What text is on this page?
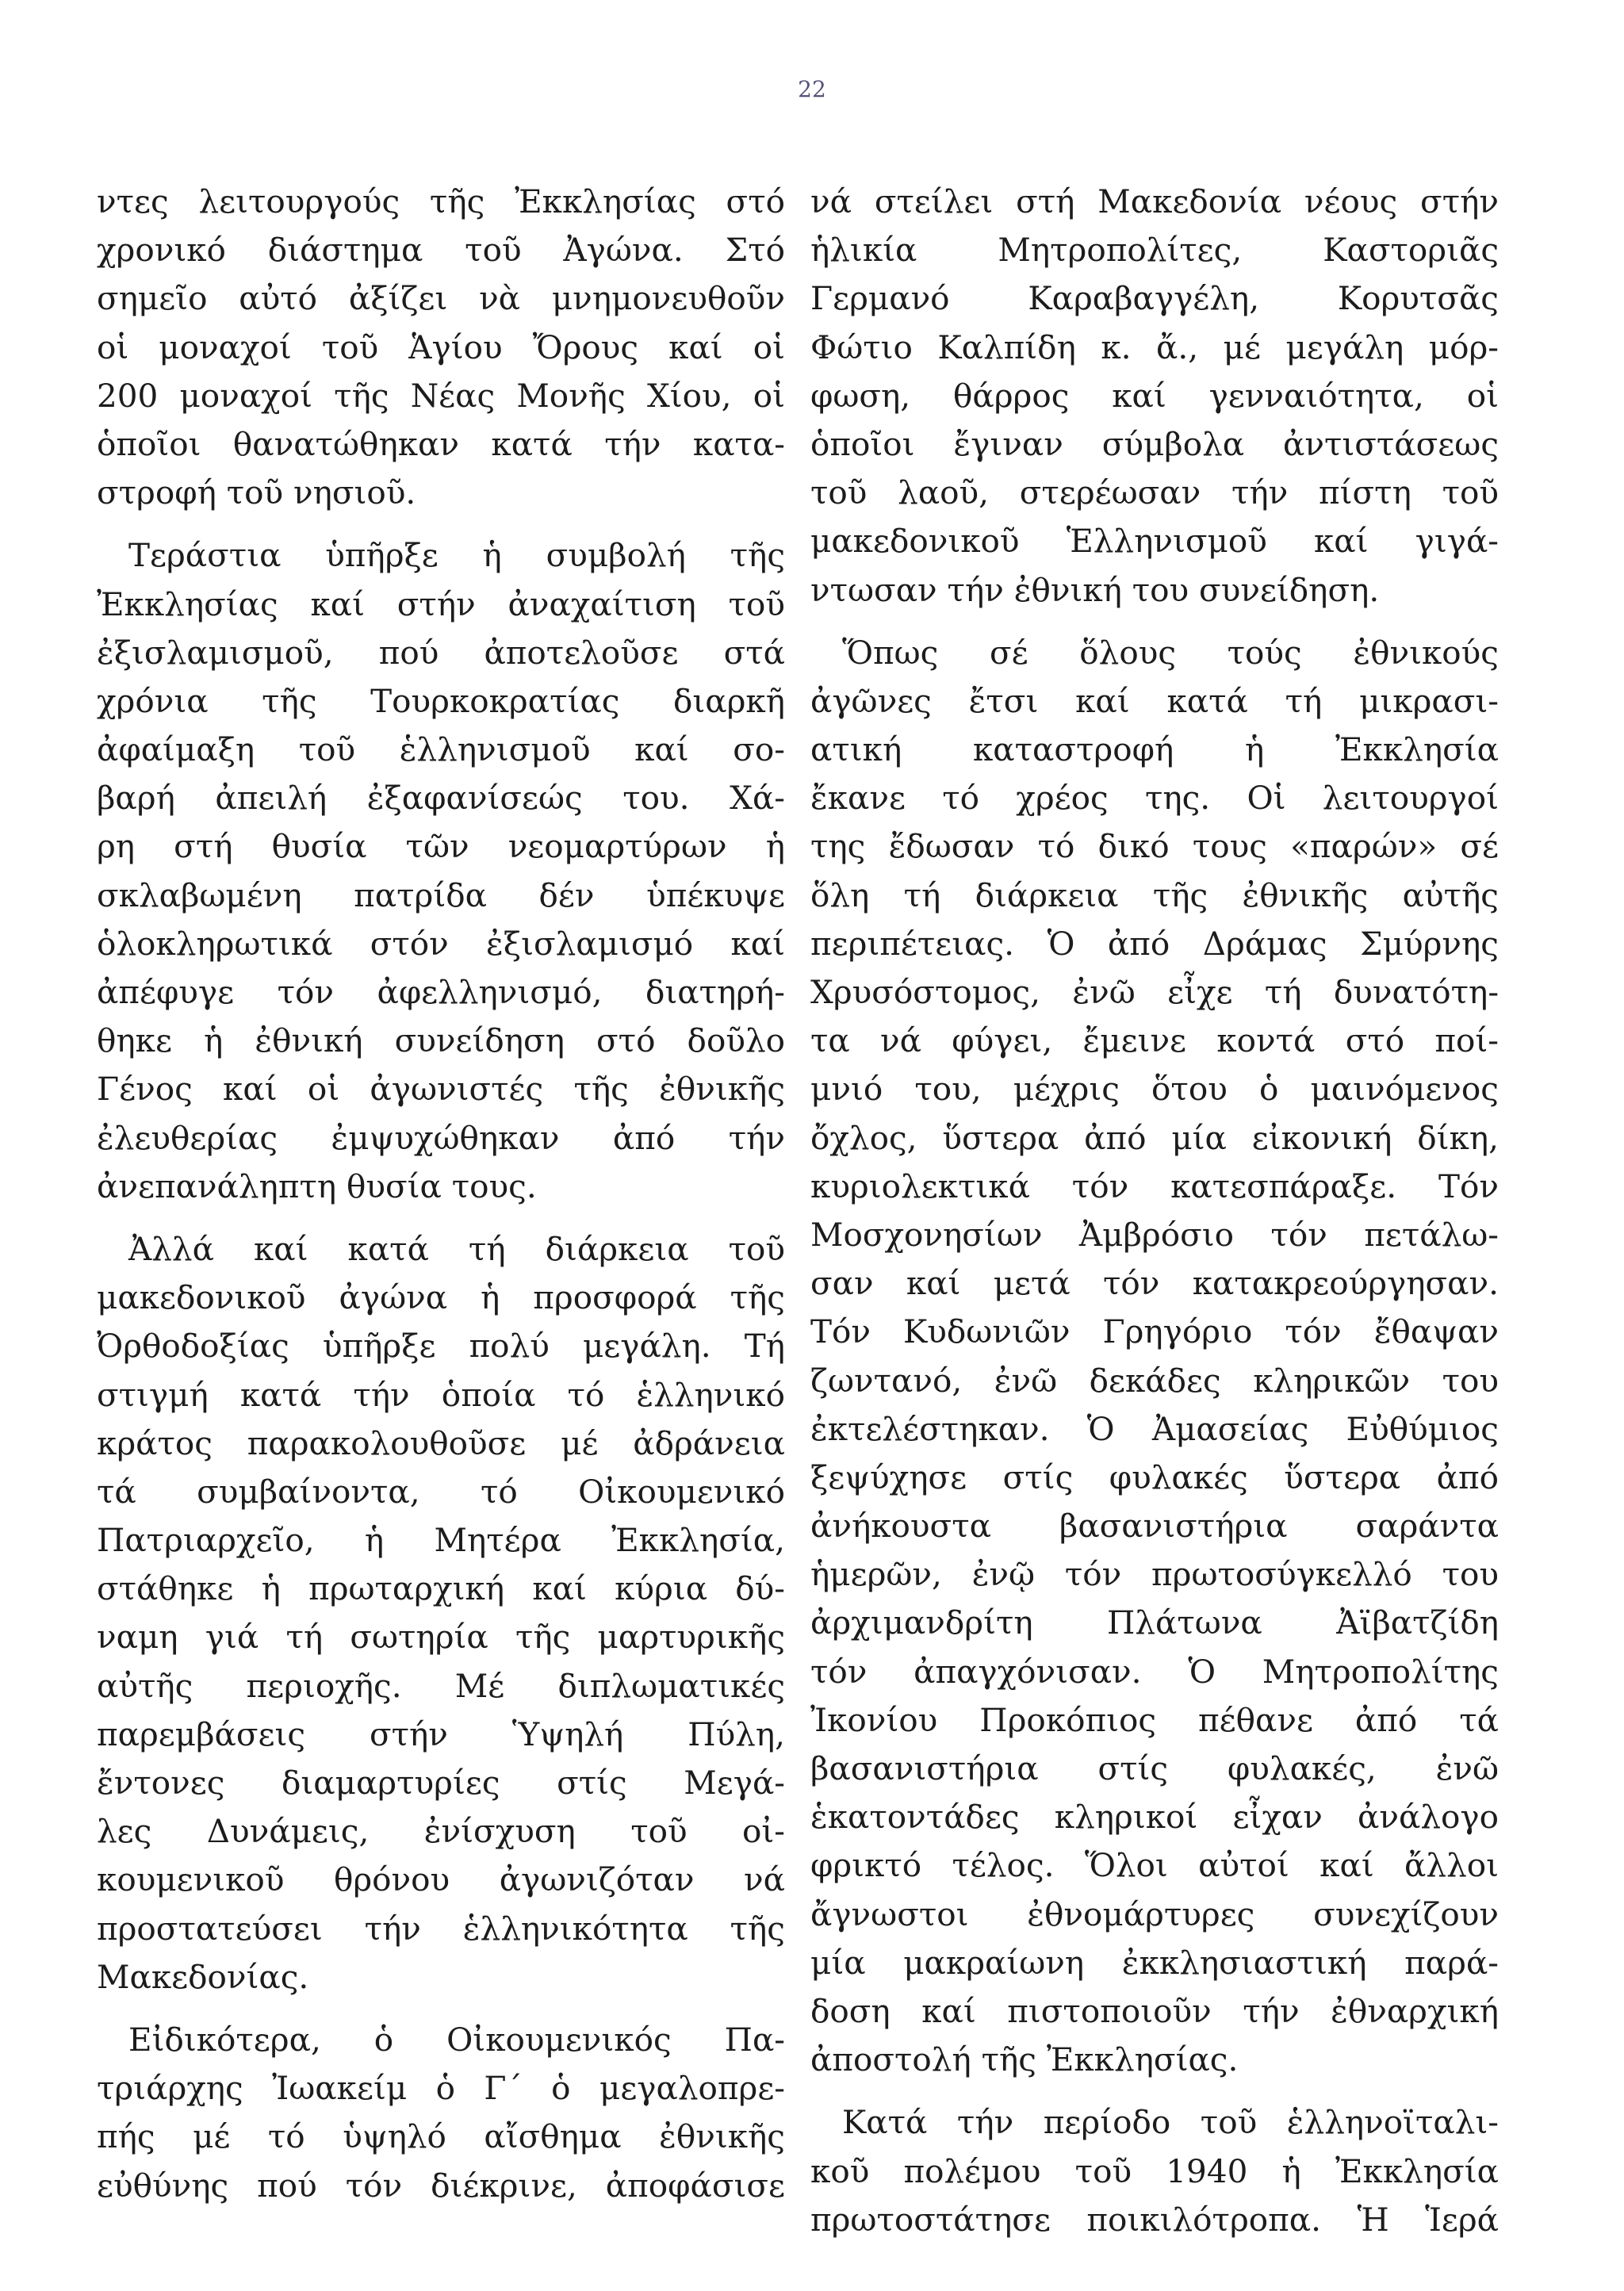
22
ντες λειτουργούς τῆς Ἐκκλησίας στό
χρονικό διάστημα τοῦ Ἀγώνα. Στό
σημεῖο αὐτό ἀξίζει νὰ μνημονευθοῦν
οἱ μοναχοί τοῦ Ἁγίου Ὄρους καί οἱ
200 μοναχοί τῆς Νέας Μονῆς Χίου, οἱ
ὁποῖοι θανατώθηκαν κατά τήν κατα-
στροφή τοῦ νησιοῦ.
Τεράστια ὑπῆρξε ἡ συμβολή τῆς
Ἐκκλησίας καί στήν ἀναχαίτιση τοῦ
ἐξισλαμισμοῦ, πού ἀποτελοῦσε στά
χρόνια τῆς Τουρκοκρατίας διαρκῆ
ἀφαίμαξη τοῦ ἑλληνισμοῦ καί σο-
βαρή ἀπειλή ἐξαφανίσεώς του. Χά-
ρη στή θυσία τῶν νεομαρτύρων ἡ
σκλαβωμένη πατρίδα δέν ὑπέκυψε
ὁλοκληρωτικά στόν ἐξισλαμισμό καί
ἀπέφυγε τόν ἀφελληνισμό, διατηρή-
θηκε ἡ ἐθνική συνείδηση στό δοῦλο
Γένος καί οἱ ἀγωνιστές τῆς ἐθνικῆς
ἐλευθερίας ἐμψυχώθηκαν ἀπό τήν
ἀνεπανάληπτη θυσία τους.
Ἀλλά καί κατά τή διάρκεια τοῦ
μακεδονικοῦ ἀγώνα ἡ προσφορά τῆς
Ὀρθοδοξίας ὑπῆρξε πολύ μεγάλη. Τή
στιγμή κατά τήν ὁποία τό ἑλληνικό
κράτος παρακολουθοῦσε μέ ἀδράνεια
τά συμβαίνοντα, τό Οἰκουμενικό
Πατριαρχεῖο, ἡ Μητέρα Ἐκκλησία,
στάθηκε ἡ πρωταρχική καί κύρια δύ-
ναμη γιά τή σωτηρία τῆς μαρτυρικῆς
αὐτῆς περιοχῆς. Μέ διπλωματικές
παρεμβάσεις στήν Ὑψηλή Πύλη,
ἔντονες διαμαρτυρίες στίς Μεγά-
λες Δυνάμεις, ἐνίσχυση τοῦ οἰ-
κουμενικοῦ θρόνου ἀγωνιζόταν νά
προστατεύσει τήν ἑλληνικότητα τῆς
Μακεδονίας.
Εἰδικότερα, ὁ Οἰκουμενικός Πα-
τριάρχης Ἰωακείμ ὁ Γ΄ ὁ μεγαλοπρε-
πής μέ τό ὑψηλό αἴσθημα ἐθνικῆς
εὐθύνης πού τόν διέκρινε, ἀποφάσισε
νά στείλει στή Μακεδονία νέους στήν
ἡλικία Μητροπολίτες, Καστοριᾶς
Γερμανό Καραβαγγέλη, Κορυτσᾶς
Φώτιο Καλπίδη κ. ἄ., μέ μεγάλη μόρ-
φωση, θάρρος καί γενναιότητα, οἱ
ὁποῖοι ἔγιναν σύμβολα ἀντιστάσεως
τοῦ λαοῦ, στερέωσαν τήν πίστη τοῦ
μακεδονικοῦ Ἑλληνισμοῦ καί γιγά-
ντωσαν τήν ἐθνική του συνείδηση.
Ὅπως σέ ὅλους τούς ἐθνικούς
ἀγῶνες ἔτσι καί κατά τή μικρασι-
ατική καταστροφή ἡ Ἐκκλησία
ἔκανε τό χρέος της. Οἱ λειτουργοί
της ἔδωσαν τό δικό τους «παρών» σέ
ὅλη τή διάρκεια τῆς ἐθνικῆς αὐτῆς
περιπέτειας. Ὁ ἀπό Δράμας Σμύρνης
Χρυσόστομος, ἐνῶ εἶχε τή δυνατότη-
τα νά φύγει, ἔμεινε κοντά στό ποί-
μνιό του, μέχρις ὅτου ὁ μαινόμενος
ὄχλος, ὕστερα ἀπό μία εἰκονική δίκη,
κυριολεκτικά τόν κατεσπάραξε. Τόν
Μοσχονησίων Ἀμβρόσιο τόν πετάλω-
σαν καί μετά τόν κατακρεούργησαν.
Τόν Κυδωνιῶν Γρηγόριο τόν ἔθαψαν
ζωντανό, ἐνῶ δεκάδες κληρικῶν του
ἐκτελέστηκαν. Ὁ Ἀμασείας Εὐθύμιος
ξεψύχησε στίς φυλακές ὕστερα ἀπό
ἀνήκουστα βασανιστήρια σαράντα
ἡμερῶν, ἐνῷ τόν πρωτοσύγκελλό του
ἀρχιμανδρίτη Πλάτωνα Ἀϊβατζίδη
τόν ἀπαγχόνισαν. Ὁ Μητροπολίτης
Ἰκονίου Προκόπιος πέθανε ἀπό τά
βασανιστήρια στίς φυλακές, ἐνῶ
ἑκατοντάδες κληρικοί εἶχαν ἀνάλογο
φρικτό τέλος. Ὅλοι αὐτοί καί ἄλλοι
ἄγνωστοι ἐθνομάρτυρες συνεχίζουν
μία μακραίωνη ἐκκλησιαστική παρά-
δοση καί πιστοποιοῦν τήν ἐθναρχική
ἀποστολή τῆς Ἐκκλησίας.
Κατά τήν περίοδο τοῦ ἑλληνοϊταλι-
κοῦ πολέμου τοῦ 1940 ἡ Ἐκκλησία
πρωτοστάτησε ποικιλότροπα. Ἡ Ἱερά
